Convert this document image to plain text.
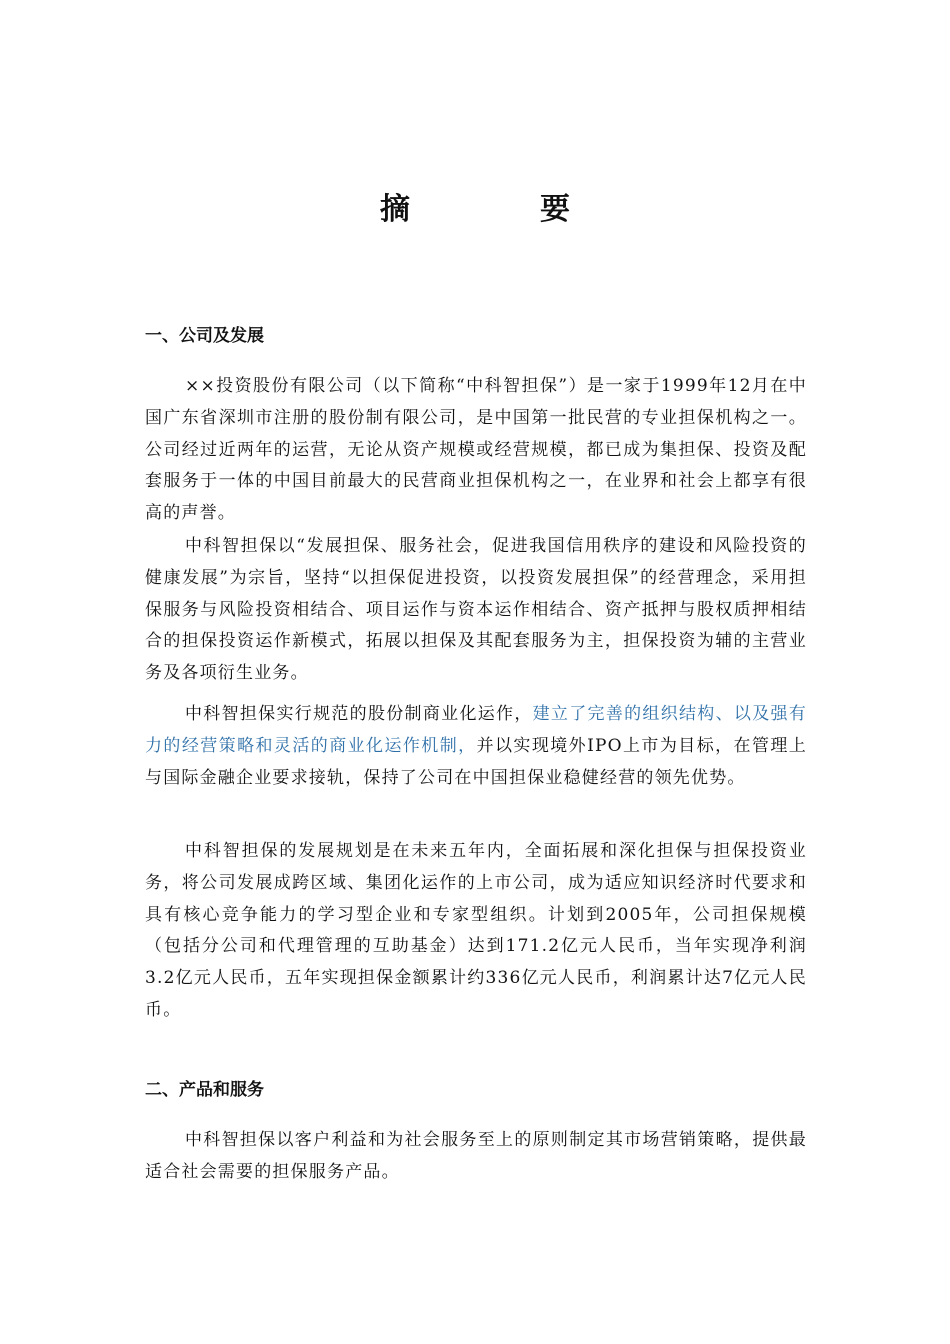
摘　要
一、公司及发展

××投资股份有限公司（以下简称“中科智担保”）是一家于1999年12月在中国广东省深圳市注册的股份制有限公司，是中国第一批民营的专业担保机构之一。公司经过近两年的运营，无论从资产规模或经营规模，都已成为集担保、投资及配套服务于一体的中国目前最大的民营商业担保机构之一，在业界和社会上都享有很高的声誉。

中科智担保以“发展担保、服务社会，促进我国信用秩序的建设和风险投资的健康发展”为宗旨，坚持“以担保促进投资，以投资发展担保”的经营理念，采用担保服务与风险投资相结合、项目运作与资本运作相结合、资产抵押与股权质押相结合的担保投资运作新模式，拓展以担保及其配套服务为主，担保投资为辅的主营业务及各项衍生业务。

中科智担保实行规范的股份制商业化运作，建立了完善的组织结构、以及强有力的经营策略和灵活的商业化运作机制，并以实现境外IPO上市为目标，在管理上与国际金融企业要求接轨，保持了公司在中国担保业稳健经营的领先优势。

中科智担保的发展规划是在未来五年内，全面拓展和深化担保与担保投资业务，将公司发展成跨区域、集团化运作的上市公司，成为适应知识经济时代要求和具有核心竞争能力的学习型企业和专家型组织。计划到2005年，公司担保规模（包括分公司和代理管理的互助基金）达到171.2亿元人民币，当年实现净利润3.2亿元人民币，五年实现担保金额累计约336亿元人民币，利润累计达7亿元人民币。

二、产品和服务

中科智担保以客户利益和为社会服务至上的原则制定其市场营销策略，提供最适合社会需要的担保服务产品。
